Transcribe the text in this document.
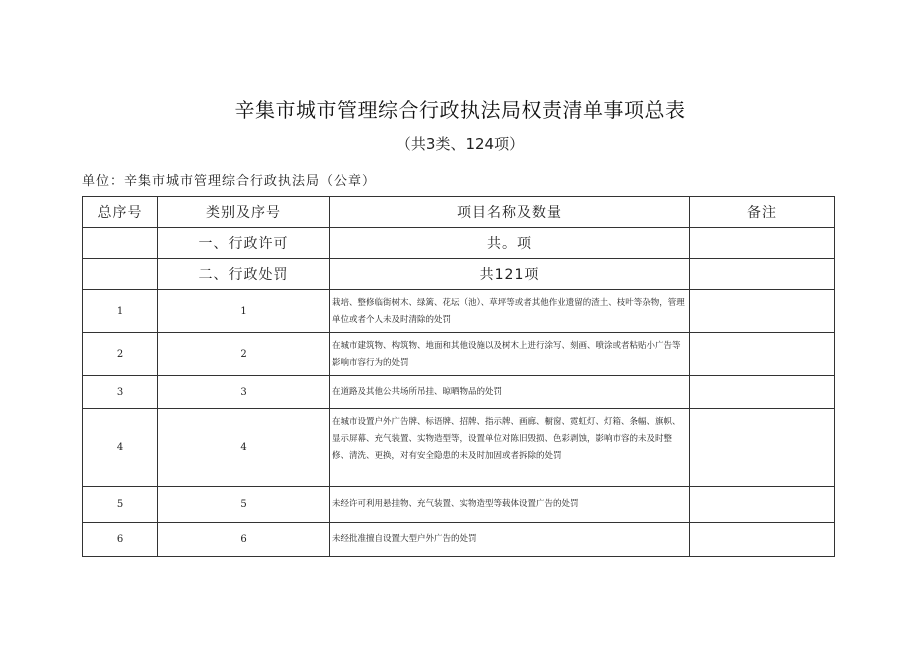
辛集市城市管理综合行政执法局权责清单事项总表
（共3类、124项）
单位：辛集市城市管理综合行政执法局（公章）
总序号	类别及序号	项目名称及数量	备注
	一、行政许可	共。项	
	二、行政处罚	共121项	
1	1	栽培、整修临街树木、绿篱、花坛（池）、草坪等或者其他作业遗留的渣土、枝叶等杂物，管理单位或者个人未及时清除的处罚	
2	2	在城市建筑物、构筑物、地面和其他设施以及树木上进行涂写、刻画、喷涂或者粘贴小广告等影响市容行为的处罚	
3	3	在道路及其他公共场所吊挂、晾晒物品的处罚	
4	4	在城市设置户外广告牌、标语牌、招牌、指示牌、画廊、橱窗、霓虹灯、灯箱、条幅、旗帜、显示屏幕、充气装置、实物造型等，设置单位对陈旧毁损、色彩剥蚀，影响市容的未及时整修、清洗、更换，对有安全隐患的未及时加固或者拆除的处罚	
5	5	未经许可利用悬挂物、充气装置、实物造型等载体设置广告的处罚	
6	6	未经批准擅自设置大型户外广告的处罚	
